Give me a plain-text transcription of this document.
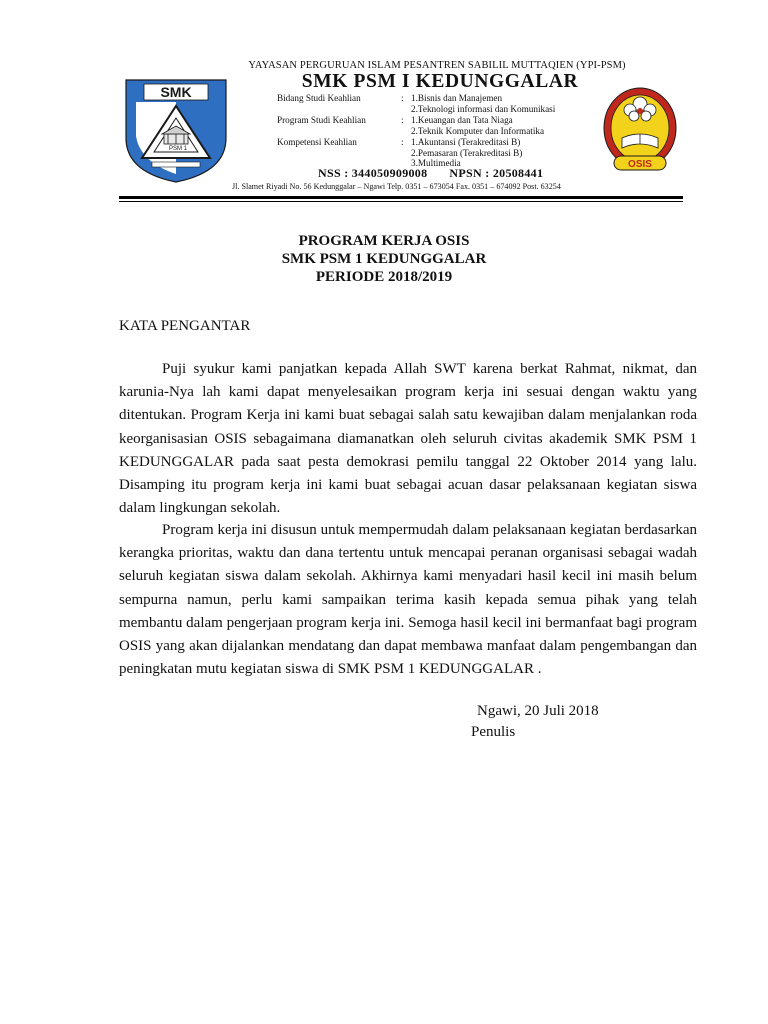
SMK
PSM 1
OSIS
YAYASAN PERGURUAN ISLAM PESANTREN SABILIL MUTTAQIEN (YPI-PSM)
SMK PSM I KEDUNGGALAR
Bidang Studi Keahlian	: 1.Bisnis dan Manajemen
2.Teknologi informasi dan Komunikasi
Program Studi Keahlian	: 1.Keuangan dan Tata Niaga
2.Teknik Komputer dan Informatika
Kompetensi Keahlian	: 1.Akuntansi (Terakreditasi B)
2.Pemasaran (Terakreditasi B)
3.Multimedia
NSS : 344050909008 NPSN : 20508441
Jl. Slamet Riyadi No. 56 Kedunggalar – Ngawi Telp. 0351 – 673054 Fax. 0351 – 674092 Post. 63254
PROGRAM KERJA OSIS
SMK PSM 1 KEDUNGGALAR
PERIODE 2018/2019
KATA PENGANTAR

Puji syukur kami panjatkan kepada Allah SWT karena berkat Rahmat, nikmat, dan karunia-Nya lah kami dapat menyelesaikan program kerja ini sesuai dengan waktu yang ditentukan. Program Kerja ini kami buat sebagai salah satu kewajiban dalam menjalankan roda keorganisasian OSIS sebagaimana diamanatkan oleh seluruh civitas akademik SMK PSM 1 KEDUNGGALAR pada saat pesta demokrasi pemilu tanggal 22 Oktober 2014 yang lalu. Disamping itu program kerja ini kami buat sebagai acuan dasar pelaksanaan kegiatan siswa dalam lingkungan sekolah.

Program kerja ini disusun untuk mempermudah dalam pelaksanaan kegiatan berdasarkan kerangka prioritas, waktu dan dana tertentu untuk mencapai peranan organisasi sebagai wadah seluruh kegiatan siswa dalam sekolah. Akhirnya kami menyadari hasil kecil ini masih belum sempurna namun, perlu kami sampaikan terima kasih kepada semua pihak yang telah membantu dalam pengerjaan program kerja ini. Semoga hasil kecil ini bermanfaat bagi program OSIS yang akan dijalankan mendatang dan dapat membawa manfaat dalam pengembangan dan peningkatan mutu kegiatan siswa di SMK PSM 1 KEDUNGGALAR .

Ngawi, 20 Juli 2018
Penulis
